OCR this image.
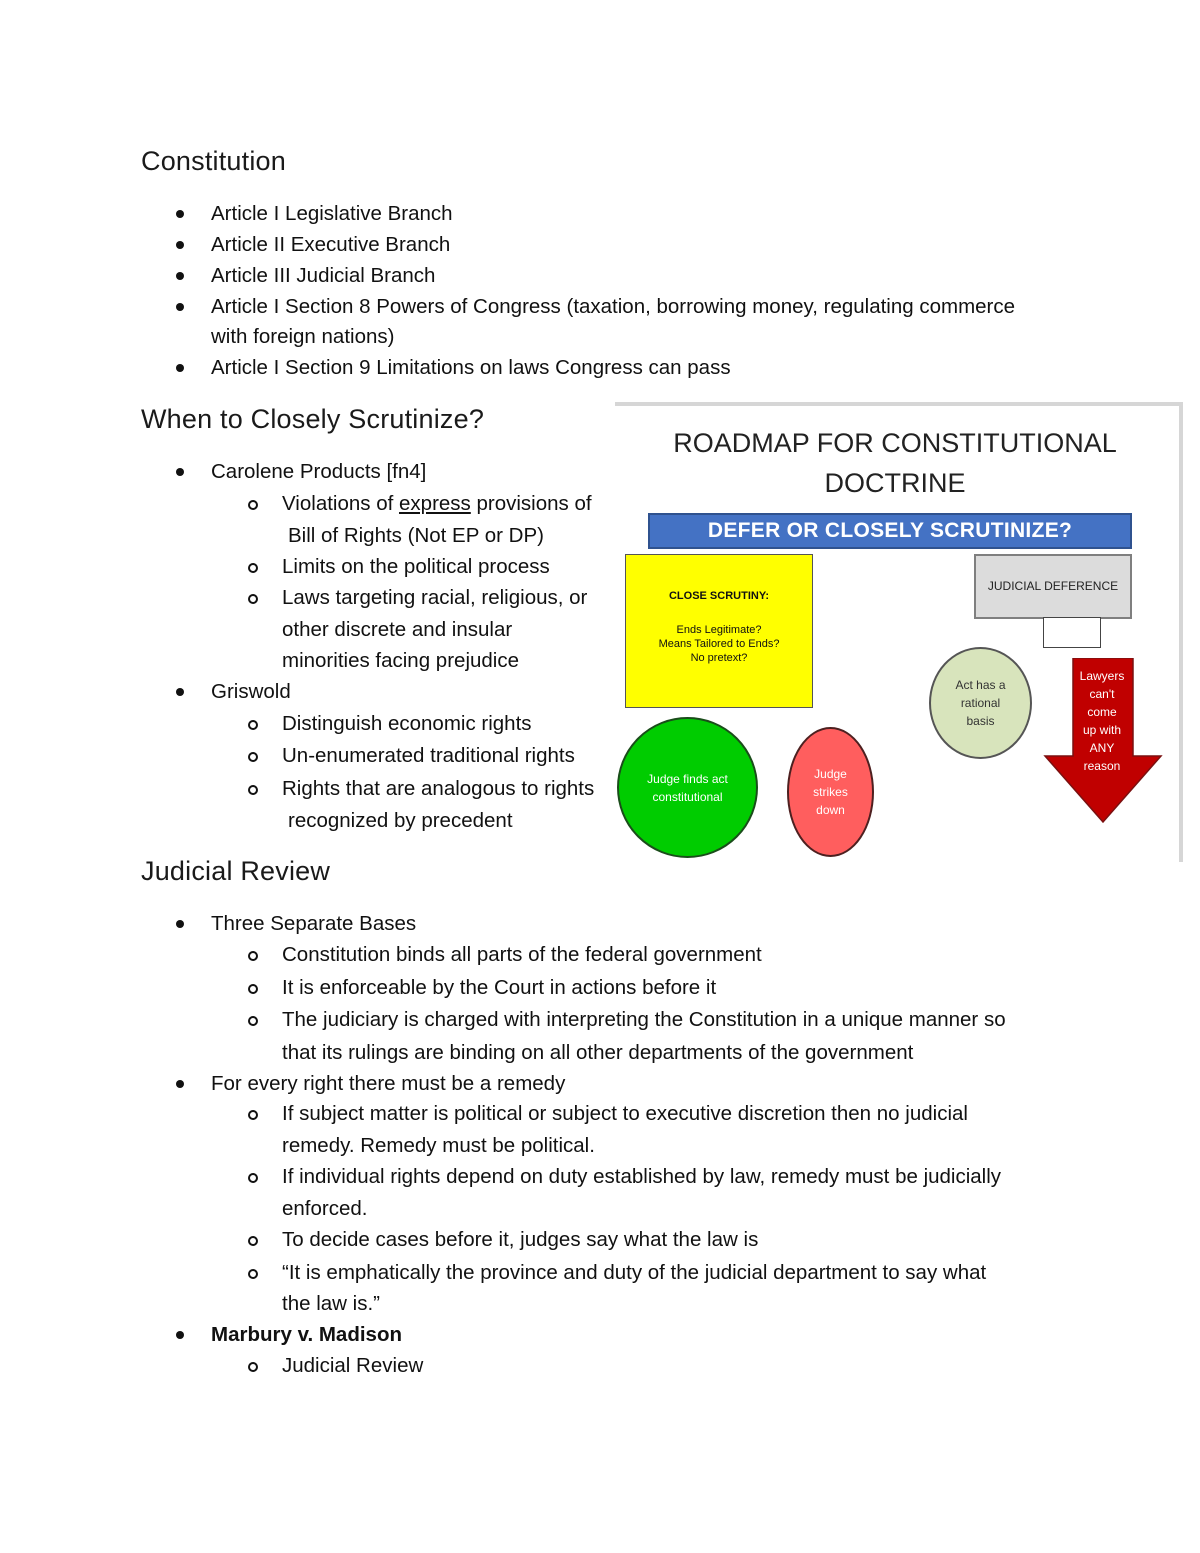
Constitution
Article I Legislative Branch
Article II Executive Branch
Article III Judicial Branch
Article I Section 8 Powers of Congress (taxation, borrowing money, regulating commerce
with foreign nations)
Article I Section 9 Limitations on laws Congress can pass
When to Closely Scrutinize?
Carolene Products [fn4]
Violations of express provisions of
Bill of Rights (Not EP or DP)
Limits on the political process
Laws targeting racial, religious, or
other discrete and insular
minorities facing prejudice
Griswold
Distinguish economic rights
Un-enumerated traditional rights
Rights that are analogous to rights
recognized by precedent
Judicial Review
Three Separate Bases
Constitution binds all parts of the federal government
It is enforceable by the Court in actions before it
The judiciary is charged with interpreting the Constitution in a unique manner so
that its rulings are binding on all other departments of the government
For every right there must be a remedy
If subject matter is political or subject to executive discretion then no judicial
remedy. Remedy must be political.
If individual rights depend on duty established by law, remedy must be judicially
enforced.
To decide cases before it, judges say what the law is
“It is emphatically the province and duty of the judicial department to say what
the law is.”
Marbury v. Madison
Judicial Review
ROADMAP FOR CONSTITUTIONAL
DOCTRINE
DEFER OR CLOSELY SCRUTINIZE?
CLOSE SCRUTINY:
Ends Legitimate?
Means Tailored to Ends?
No pretext?
JUDICIAL DEFERENCE
Act has a
rational
basis
Lawyers
can't
come
up with
ANY
reason
Judge finds act
constitutional
Judge
strikes
down
